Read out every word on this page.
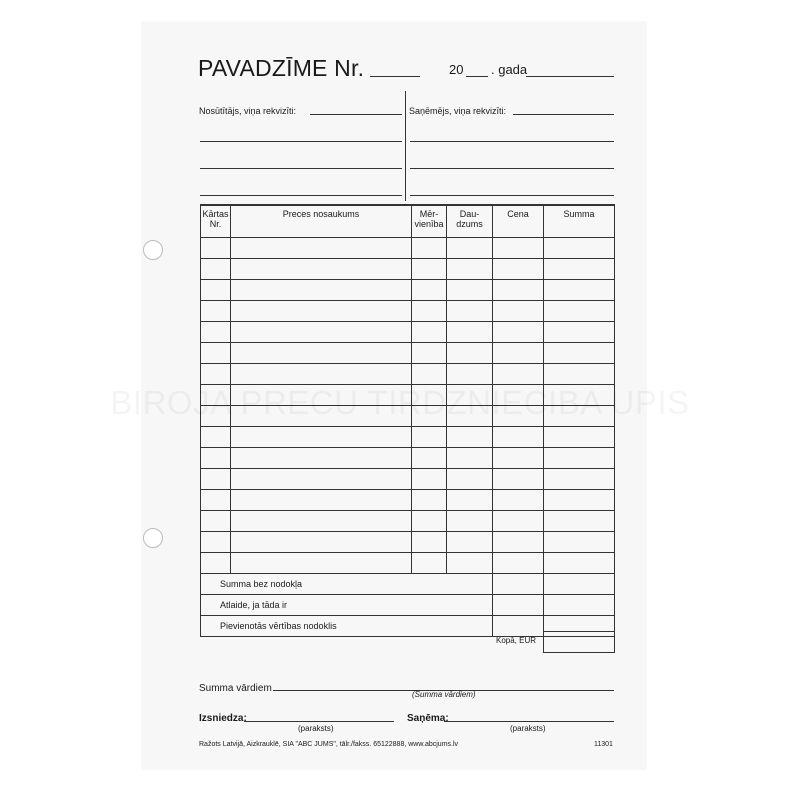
PAVADZĪME Nr.	20 . gada
Nosūtītājs, viņa rekvizīti:	Saņēmējs, viņa rekvizīti:
Kārtas Nr.	Preces nosaukums	Mēr-vienība	Dau-dzums	Cena	Summa

Summa bez nodokļa					
Atlaide, ja tāda ir					
Pievienotās vērtības nodoklis					
Kopā, EUR
Summa vārdiem
(Summa vārdiem)
Izsniedza:
(paraksts)
Saņēma:
(paraksts)
Ražots Latvijā, Aizkrauklē, SIA "ABC JUMS", tālr./fakss. 65122888, www.abcjums.lv	11301
